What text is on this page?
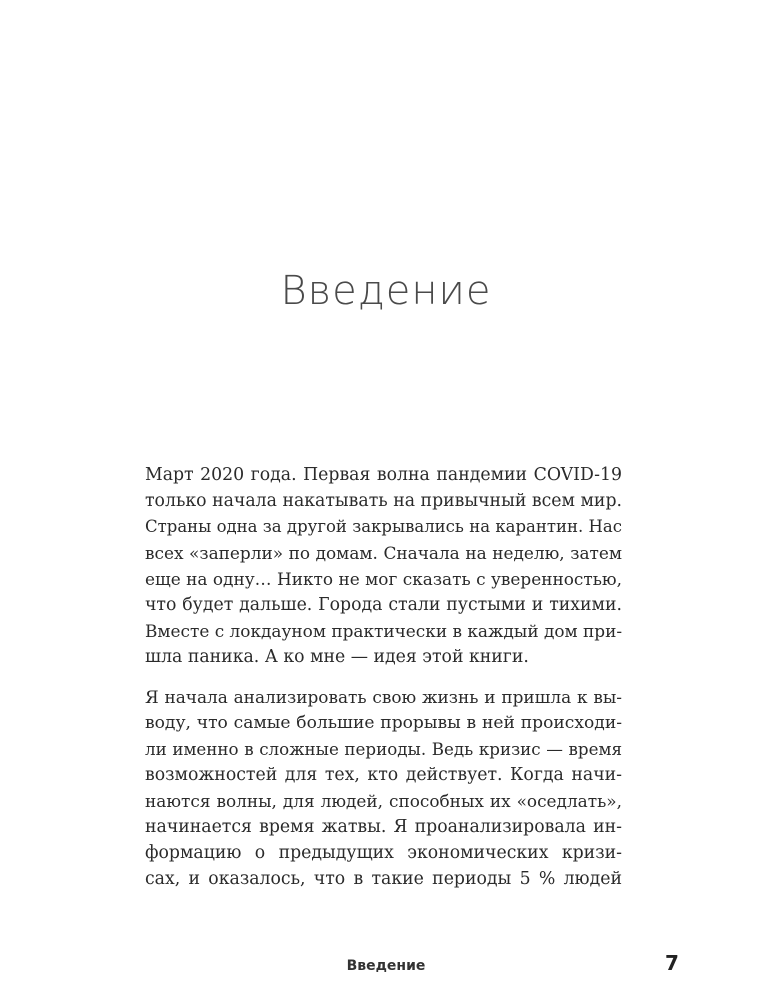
Введение
Март 2020 года. Первая волна пандемии COVID-19
только начала накатывать на привычный всем мир.
Страны одна за другой закрывались на карантин. Нас
всех «заперли» по домам. Сначала на неделю, затем
еще на одну… Никто не мог сказать с уверенностью,
что будет дальше. Города стали пустыми и тихими.
Вместе с локдауном практически в каждый дом при-
шла паника. А ко мне — идея этой книги.
Я начала анализировать свою жизнь и пришла к вы-
воду, что самые большие прорывы в ней происходи-
ли именно в сложные периоды. Ведь кризис — время
возможностей для тех, кто действует. Когда начи-
наются волны, для людей, способных их «оседлать»,
начинается время жатвы. Я проанализировала ин-
формацию о предыдущих экономических кризи-
сах, и оказалось, что в такие периоды 5 % людей
Введение	7
